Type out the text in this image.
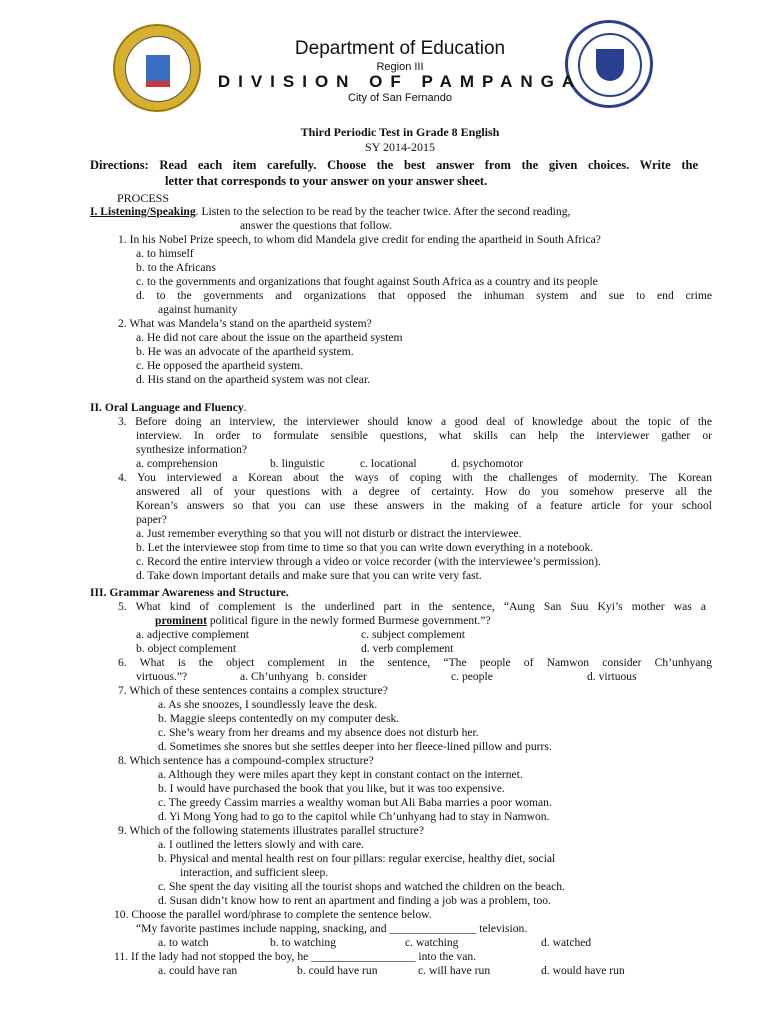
Department of Education
Region III
DIVISION OF PAMPANGA
City of San Fernando
Third Periodic Test in Grade 8 English
SY 2014-2015
Directions: Read each item carefully. Choose the best answer from the given choices. Write the
letter that corresponds to your answer on your answer sheet.
PROCESS
I. Listening/Speaking. Listen to the selection to be read by the teacher twice. After the second reading,
answer the questions that follow.
1. In his Nobel Prize speech, to whom did Mandela give credit for ending the apartheid in South Africa?
a. to himself
b. to the Africans
c. to the governments and organizations that fought against South Africa as a country and its people
d. to the governments and organizations that opposed the inhuman system and sue to end crime
against humanity
2. What was Mandela’s stand on the apartheid system?
a. He did not care about the issue on the apartheid system
b. He was an advocate of the apartheid system.
c. He opposed the apartheid system.
d. His stand on the apartheid system was not clear.
II. Oral Language and Fluency.
3. Before doing an interview, the interviewer should know a good deal of knowledge about the topic of the
interview. In order to formulate sensible questions, what skills can help the interviewer gather or
synthesize information?
a. comprehension	b. linguistic	c. locational	d. psychomotor
4. You interviewed a Korean about the ways of coping with the challenges of modernity. The Korean
answered all of your questions with a degree of certainty. How do you somehow preserve all the
Korean’s answers so that you can use these answers in the making of a feature article for your school
paper?
a. Just remember everything so that you will not disturb or distract the interviewee.
b. Let the interviewee stop from time to time so that you can write down everything in a notebook.
c. Record the entire interview through a video or voice recorder (with the interviewee’s permission).
d. Take down important details and make sure that you can write very fast.
III. Grammar Awareness and Structure.
5. What kind of complement is the underlined part in the sentence, “Aung San Suu Kyi’s mother was a
prominent political figure in the newly formed Burmese government.”?
a. adjective complement	c. subject complement
b. object complement	d. verb complement
6. What is the object complement in the sentence, “The people of Namwon consider Ch’unhyang
virtuous.”?	a. Ch’unhyang b. consider	c. people	d. virtuous
7. Which of these sentences contains a complex structure?
a. As she snoozes, I soundlessly leave the desk.
b. Maggie sleeps contentedly on my computer desk.
c. She’s weary from her dreams and my absence does not disturb her.
d. Sometimes she snores but she settles deeper into her fleece-lined pillow and purrs.
8. Which sentence has a compound-complex structure?
a. Although they were miles apart they kept in constant contact on the internet.
b. I would have purchased the book that you like, but it was too expensive.
c. The greedy Cassim marries a wealthy woman but Ali Baba marries a poor woman.
d. Yi Mong Yong had to go to the capitol while Ch’unhyang had to stay in Namwon.
9. Which of the following statements illustrates parallel structure?
a. I outlined the letters slowly and with care.
b. Physical and mental health rest on four pillars: regular exercise, healthy diet, social
interaction, and sufficient sleep.
c. She spent the day visiting all the tourist shops and watched the children on the beach.
d. Susan didn’t know how to rent an apartment and finding a job was a problem, too.
10. Choose the parallel word/phrase to complete the sentence below.
“My favorite pastimes include napping, snacking, and _______________ television.
a. to watch	b. to watching	c. watching	d. watched
11. If the lady had not stopped the boy, he __________________ into the van.
a. could have ran	b. could have run	c. will have run	d. would have run
